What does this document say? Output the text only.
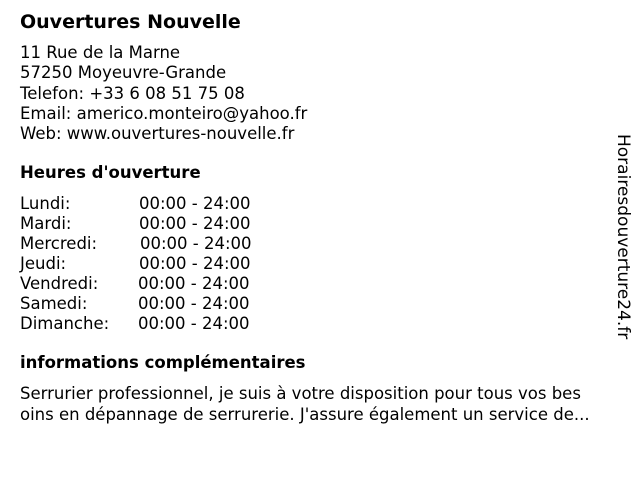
Ouvertures Nouvelle
11 Rue de la Marne
57250 Moyeuvre-Grande
Telefon: +33 6 08 51 75 08
Email: americo.monteiro@yahoo.fr
Web: www.ouvertures-nouvelle.fr
Heures d'ouverture
Lundi:	00:00 - 24:00
Mardi:	00:00 - 24:00
Mercredi:	00:00 - 24:00
Jeudi:	00:00 - 24:00
Vendredi: 00:00 - 24:00
Samedi:	00:00 - 24:00
Dimanche: 00:00 - 24:00
informations complémentaires
Serrurier professionnel, je suis à votre disposition pour tous vos bes
oins en dépannage de serrurerie. J'assure également un service de...
Horairesdouverture24.fr
